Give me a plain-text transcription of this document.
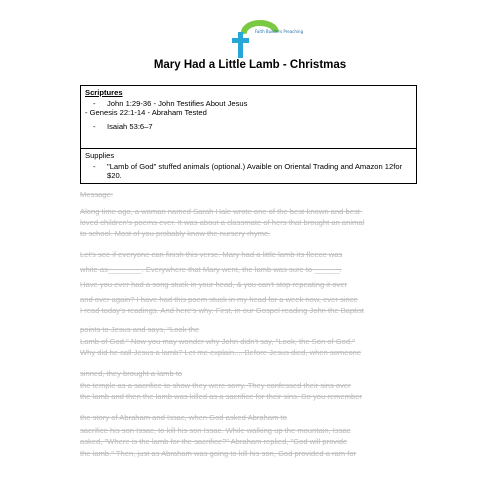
Faith Builders Preaching
Mary Had a Little Lamb - Christmas
Scriptures
-	John 1:29-36 - John Testifies About Jesus
- Genesis 22:1-14 - Abraham Tested
-	Isaiah 53:6–7
Supplies
-	"Lamb of God" stuffed animals (optional.) Avaible on Oriental Trading and Amazon 12for $20.
Message:
Along time ago, a woman named Sarah Hale wrote one of the best-known and best-
loved children's poems ever. It was about a classmate of hers that brought an animal
to school. Most of you probably know the nursery rhyme.
Let's see if everyone can finish this verse. Mary had a little lamb its fleece was
white as________. Everywhere that Mary went, the lamb was sure to ______.
Have you ever had a song stuck in your head, & you can't stop repeating it over
and over again? I have had this poem stuck in my head for a week now, ever since
I read today's readings. And here's why. First, in our Gospel reading John the Baptist
points to Jesus and says, "Look the
Lamb of God." Now you may wonder why John didn't say, "Look, the Son of God."
Why did he call Jesus a lamb? Let me explain.... Before Jesus died, when someone
sinned, they brought a lamb to
the temple as a sacrifice to show they were sorry. They confessed their sins over
the lamb and then the lamb was killed as a sacrifice for their sins. Do you remember
the story of Abraham and Issac, when God asked Abraham to
sacrifice his son Issac, to kill his son Issac. While walking up the mountain, Issac
asked, "Where is the lamb for the sacrifice?" Abraham replied, "God will provide
the lamb." Then, just as Abraham was going to kill his son, God provided a ram for
